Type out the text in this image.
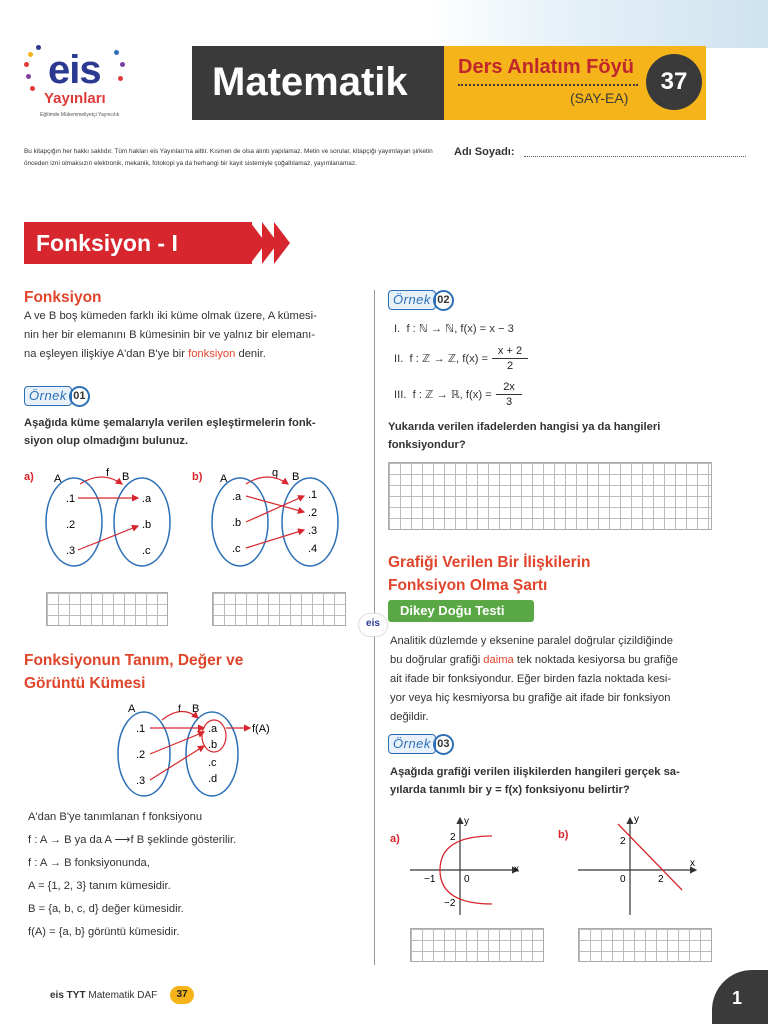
eis
Yayınları
Eğitimde Mükemmeliyetçi Yayıncılık
Matematik	Ders Anlatım Föyü
(SAY-EA)
37
Bu kitapçığın her hakkı saklıdır. Tüm hakları eis Yayınları'na aittir. Kısmen de olsa alıntı yapılamaz. Metin ve sorular, kitapçığı yayımlayan şirketin önceden izni olmaksızın elektronik, mekanik, fotokopi ya da herhangi bir kayıt sistemiyle çoğaltılamaz, yayımlanamaz.
Adı Soyadı:
Fonksiyon - I
Fonksiyon
A ve B boş kümeden farklı iki küme olmak üzere, A kümesi-
nin her bir elemanını B kümesinin bir ve yalnız bir elemanı-
na eşleyen ilişkiye A'dan B'ye bir fonksiyon denir.
Örnek 01
Aşağıda küme şemalarıyla verilen eşleştirmelerin fonk-
siyon olup olmadığını bulunuz.
a) A	B
f
.1
.2
.3
.a
.b
.c
b) A	B
g
.a
.b
.c
.1
.2
.3
.4
Fonksiyonun Tanım, Değer ve
Görüntü Kümesi
A	B
f
.1
.2
.3
.a
.b
.c
.d
f(A)
A'dan B'ye tanımlanan f fonksiyonu
f : A → B ya da A ⟶f B şeklinde gösterilir.
f : A → B fonksiyonunda,
A = {1, 2, 3} tanım kümesidir.
B = {a, b, c, d} değer kümesidir.
f(A) = {a, b} görüntü kümesidir.
Örnek 02
I. f : ℕ → ℕ, f(x) = x − 3
II. f : ℤ → ℤ, f(x) =
x + 2
2
III. f : ℤ → ℝ, f(x) =
2x
3
Yukarıda verilen ifadelerden hangisi ya da hangileri
fonksiyondur?
Grafiği Verilen Bir İlişkilerin
Fonksiyon Olma Şartı
Dikey Doğu Testi
eis
Analitik düzlemde y eksenine paralel doğrular çizildiğinde
bu doğrular grafiği daima tek noktada kesiyorsa bu grafiğe
ait ifade bir fonksiyondur. Eğer birden fazla noktada kesi-
yor veya hiç kesmiyorsa bu grafiğe ait ifade bir fonksiyon
değildir.
Örnek 03
Aşağıda grafiği verilen ilişkilerden hangileri gerçek sa-
yılarda tanımlı bir y = f(x) fonksiyonu belirtir?
a)
y
x
2
−2
−1	0
b)
y
x
2
2
0
eis TYT Matematik DAF	37	1
